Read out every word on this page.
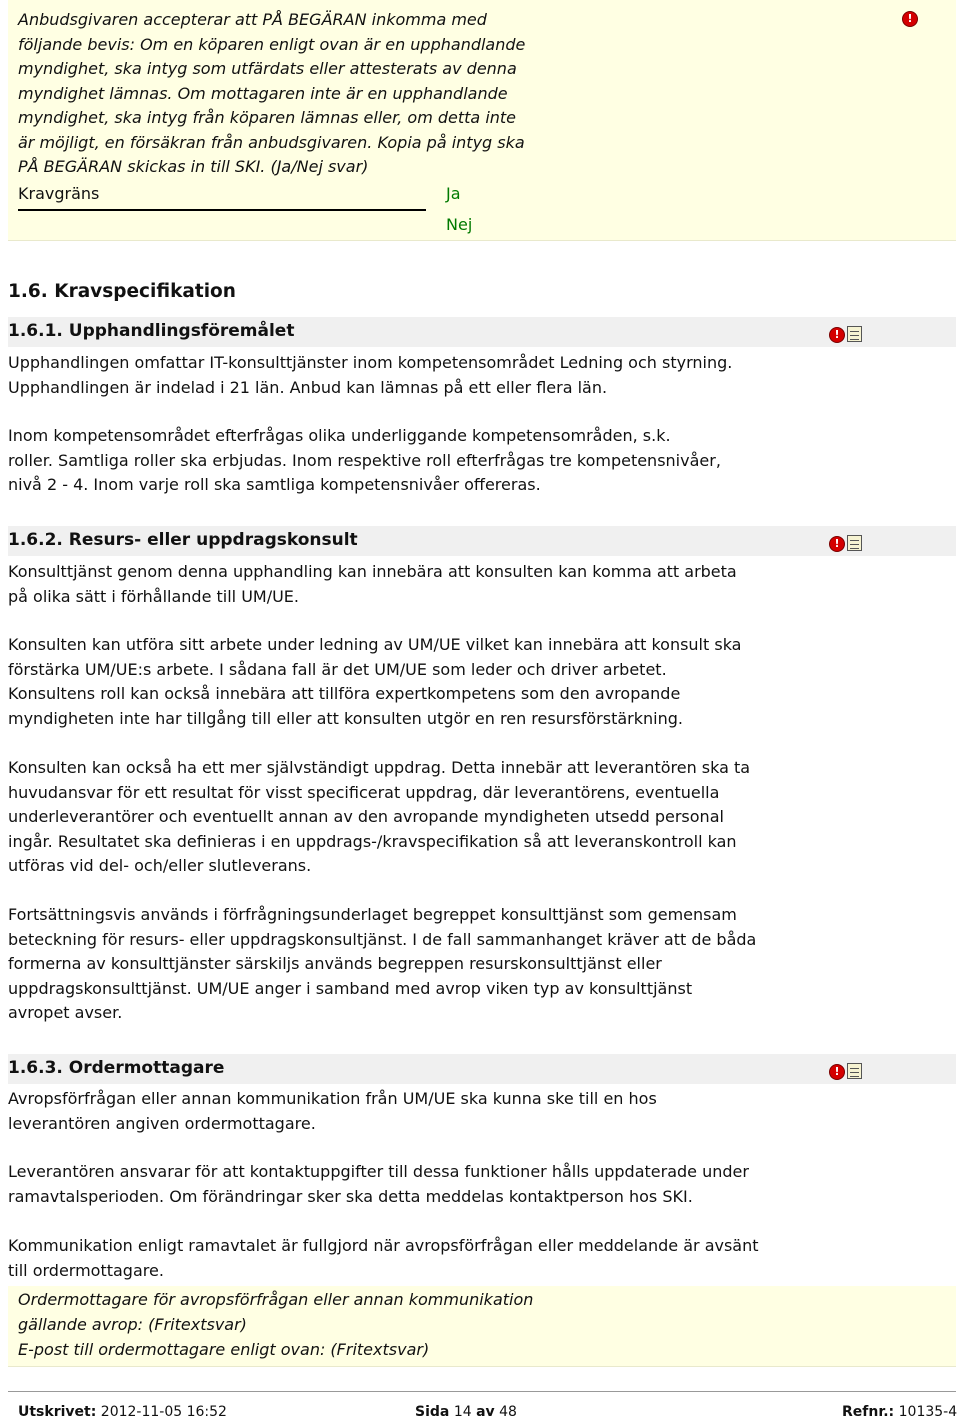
Anbudsgivaren accepterar att PÅ BEGÄRAN inkomma med
följande bevis: Om en köparen enligt ovan är en upphandlande
myndighet, ska intyg som utfärdats eller attesterats av denna
myndighet lämnas. Om mottagaren inte är en upphandlande
myndighet, ska intyg från köparen lämnas eller, om detta inte
är möjligt, en försäkran från anbudsgivaren. Kopia på intyg ska
PÅ BEGÄRAN skickas in till SKI. (Ja/Nej svar)
Kravgräns	Ja
Nej
!
1.6. Kravspecifikation
1.6.1. Upphandlingsföremålet	!
Upphandlingen omfattar IT-konsulttjänster inom kompetensområdet Ledning och styrning.
Upphandlingen är indelad i 21 län. Anbud kan lämnas på ett eller flera län.
Inom kompetensområdet efterfrågas olika underliggande kompetensområden, s.k.
roller. Samtliga roller ska erbjudas. Inom respektive roll efterfrågas tre kompetensnivåer,
nivå 2 - 4. Inom varje roll ska samtliga kompetensnivåer offereras.
1.6.2. Resurs- eller uppdragskonsult	!
Konsulttjänst genom denna upphandling kan innebära att konsulten kan komma att arbeta
på olika sätt i förhållande till UM/UE.
Konsulten kan utföra sitt arbete under ledning av UM/UE vilket kan innebära att konsult ska
förstärka UM/UE:s arbete. I sådana fall är det UM/UE som leder och driver arbetet.
Konsultens roll kan också innebära att tillföra expertkompetens som den avropande
myndigheten inte har tillgång till eller att konsulten utgör en ren resursförstärkning.
Konsulten kan också ha ett mer självständigt uppdrag. Detta innebär att leverantören ska ta
huvudansvar för ett resultat för visst specificerat uppdrag, där leverantörens, eventuella
underleverantörer och eventuellt annan av den avropande myndigheten utsedd personal
ingår. Resultatet ska definieras i en uppdrags-/kravspecifikation så att leveranskontroll kan
utföras vid del- och/eller slutleverans.
Fortsättningsvis används i förfrågningsunderlaget begreppet konsulttjänst som gemensam
beteckning för resurs- eller uppdragskonsultjänst. I de fall sammanhanget kräver att de båda
formerna av konsulttjänster särskiljs används begreppen resurskonsulttjänst eller
uppdragskonsulttjänst. UM/UE anger i samband med avrop viken typ av konsulttjänst
avropet avser.
1.6.3. Ordermottagare	!
Avropsförfrågan eller annan kommunikation från UM/UE ska kunna ske till en hos
leverantören angiven ordermottagare.
Leverantören ansvarar för att kontaktuppgifter till dessa funktioner hålls uppdaterade under
ramavtalsperioden. Om förändringar sker ska detta meddelas kontaktperson hos SKI.
Kommunikation enligt ramavtalet är fullgjord när avropsförfrågan eller meddelande är avsänt
till ordermottagare.
Ordermottagare för avropsförfrågan eller annan kommunikation
gällande avrop: (Fritextsvar)
E-post till ordermottagare enligt ovan: (Fritextsvar)
Utskrivet: 2012-11-05 16:52	Sida 14 av 48	Refnr.: 10135-4
